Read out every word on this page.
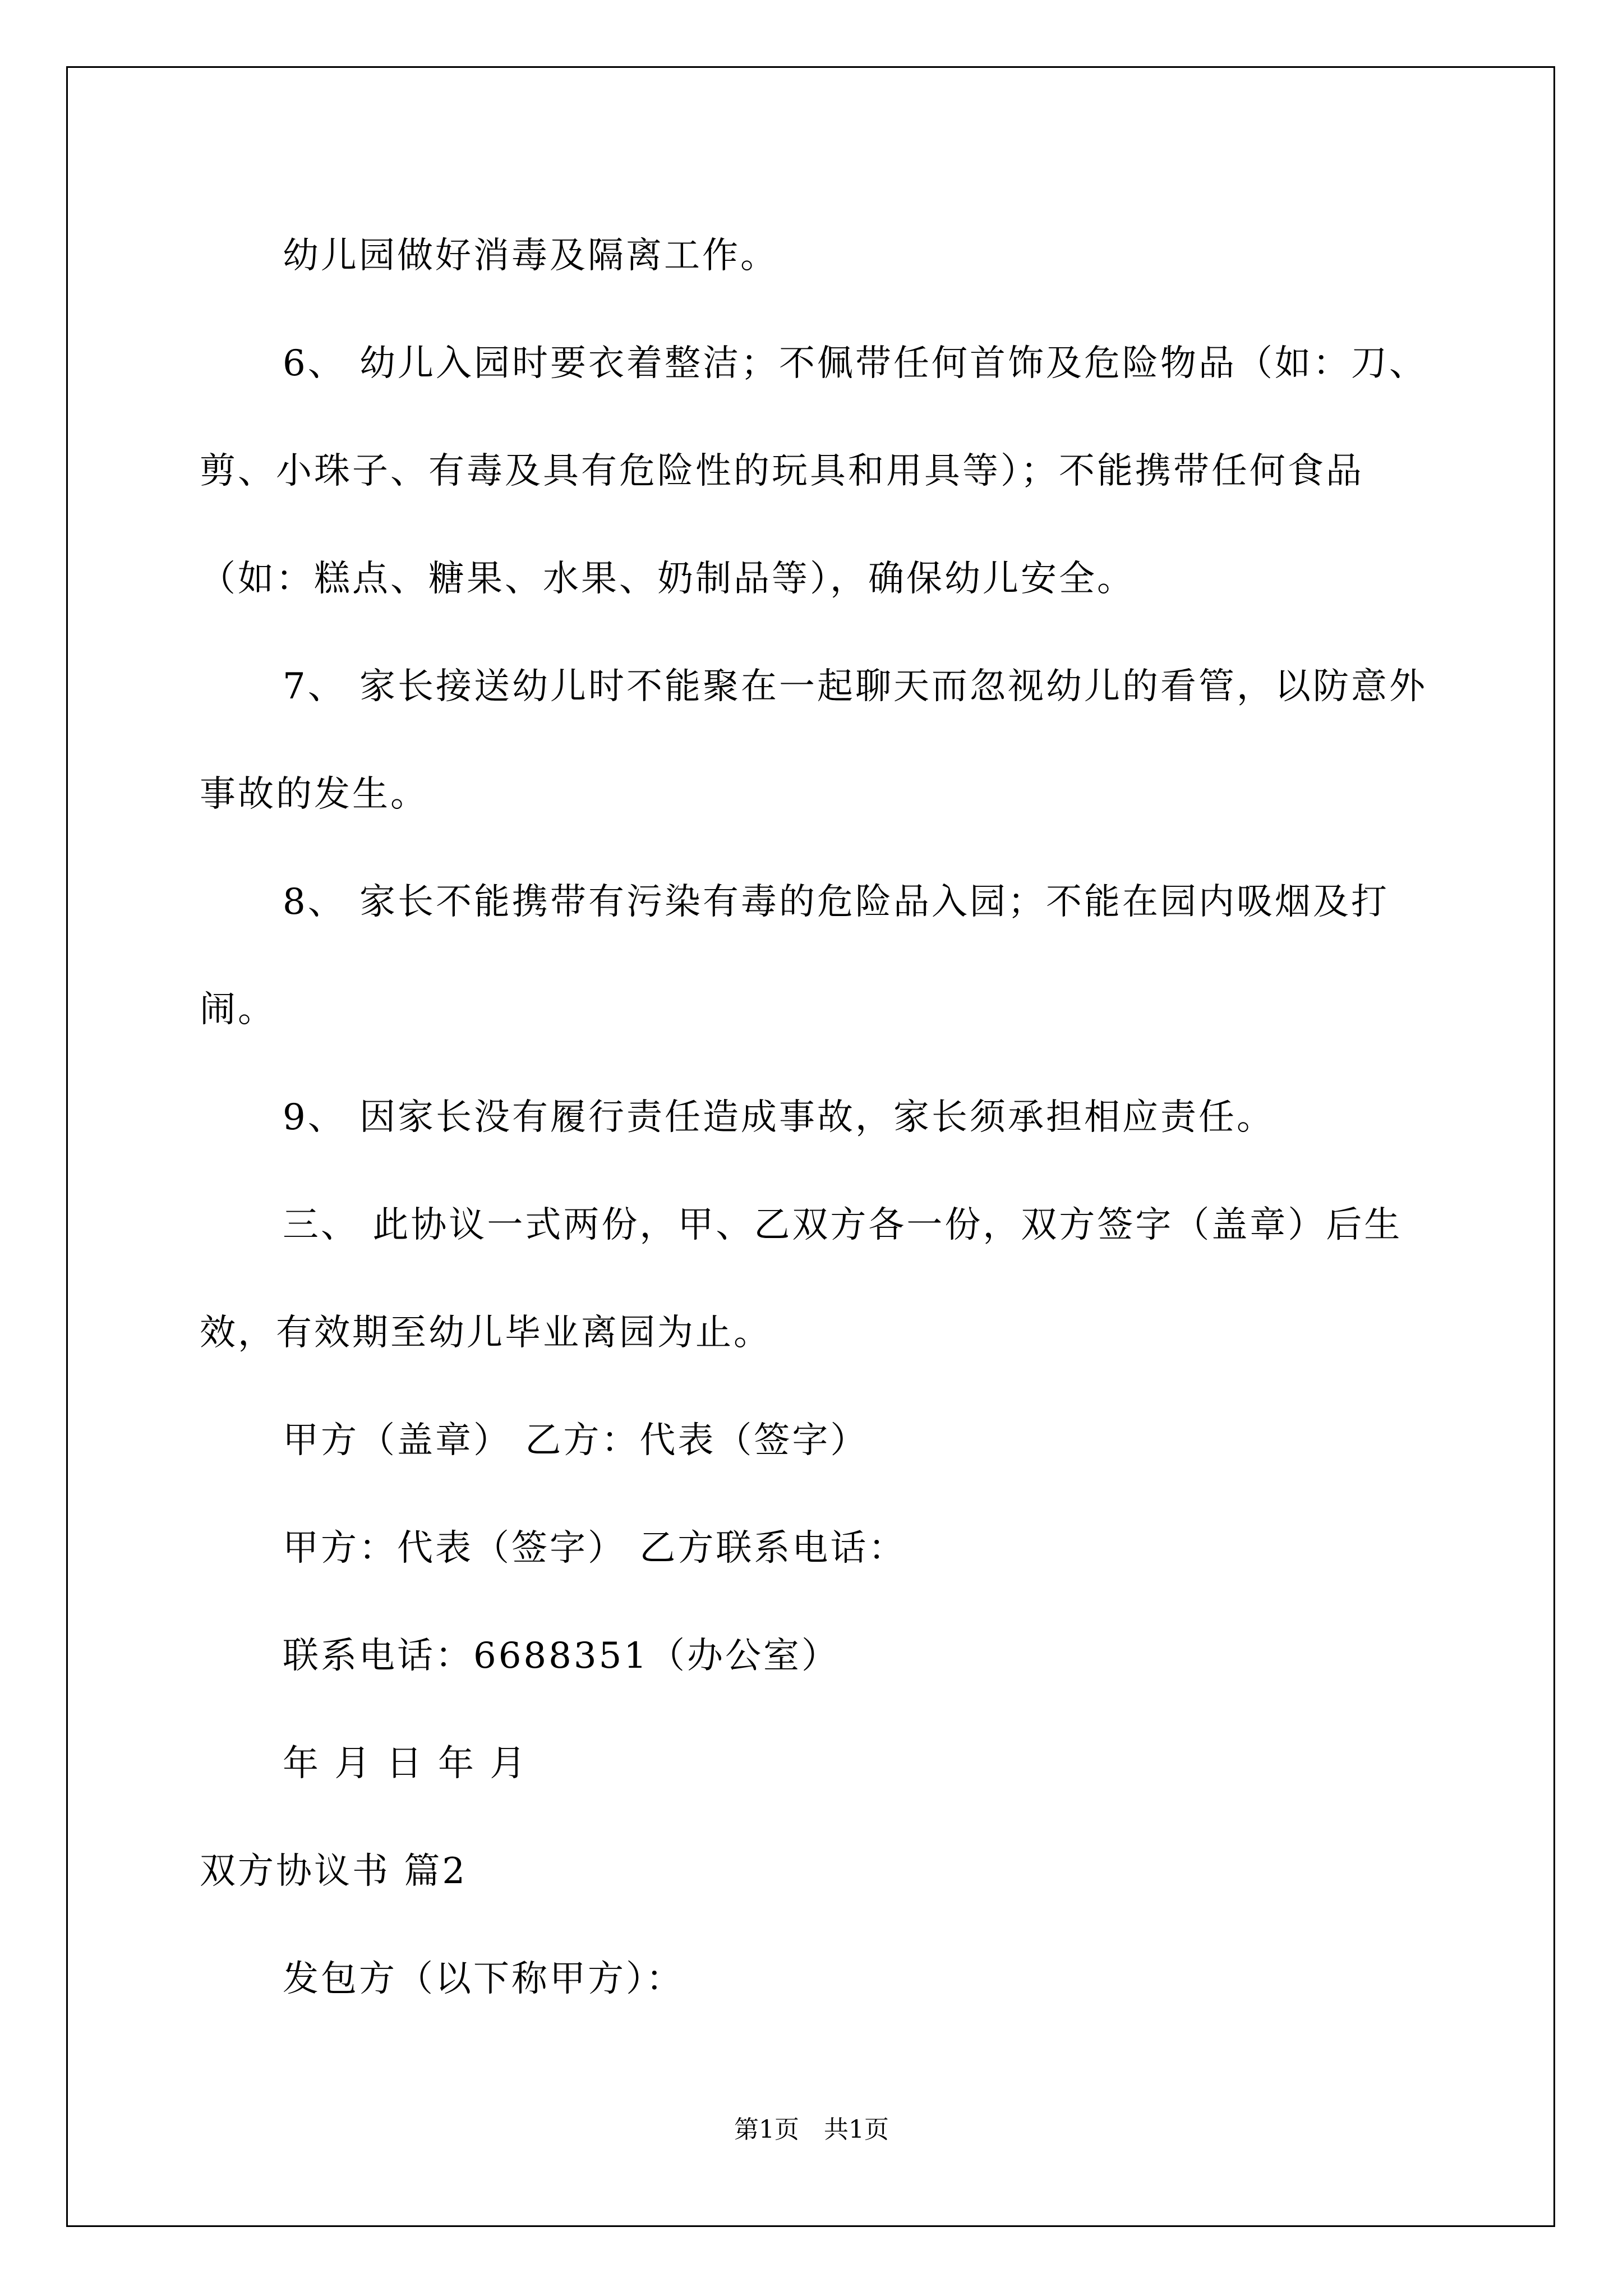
幼儿园做好消毒及隔离工作。

6、 幼儿入园时要衣着整洁；不佩带任何首饰及危险物品（如：刀、剪、小珠子、有毒及具有危险性的玩具和用具等）；不能携带任何食品（如：糕点、糖果、水果、奶制品等），确保幼儿安全。

7、 家长接送幼儿时不能聚在一起聊天而忽视幼儿的看管，以防意外事故的发生。

8、 家长不能携带有污染有毒的危险品入园；不能在园内吸烟及打闹。

9、 因家长没有履行责任造成事故，家长须承担相应责任。

三、 此协议一式两份，甲、乙双方各一份，双方签字（盖章）后生效，有效期至幼儿毕业离园为止。

甲方（盖章） 乙方：代表（签字）

甲方：代表（签字） 乙方联系电话：

联系电话：6688351（办公室）

年 月 日 年 月

双方协议书 篇2

发包方（以下称甲方）：

第1页　共1页
